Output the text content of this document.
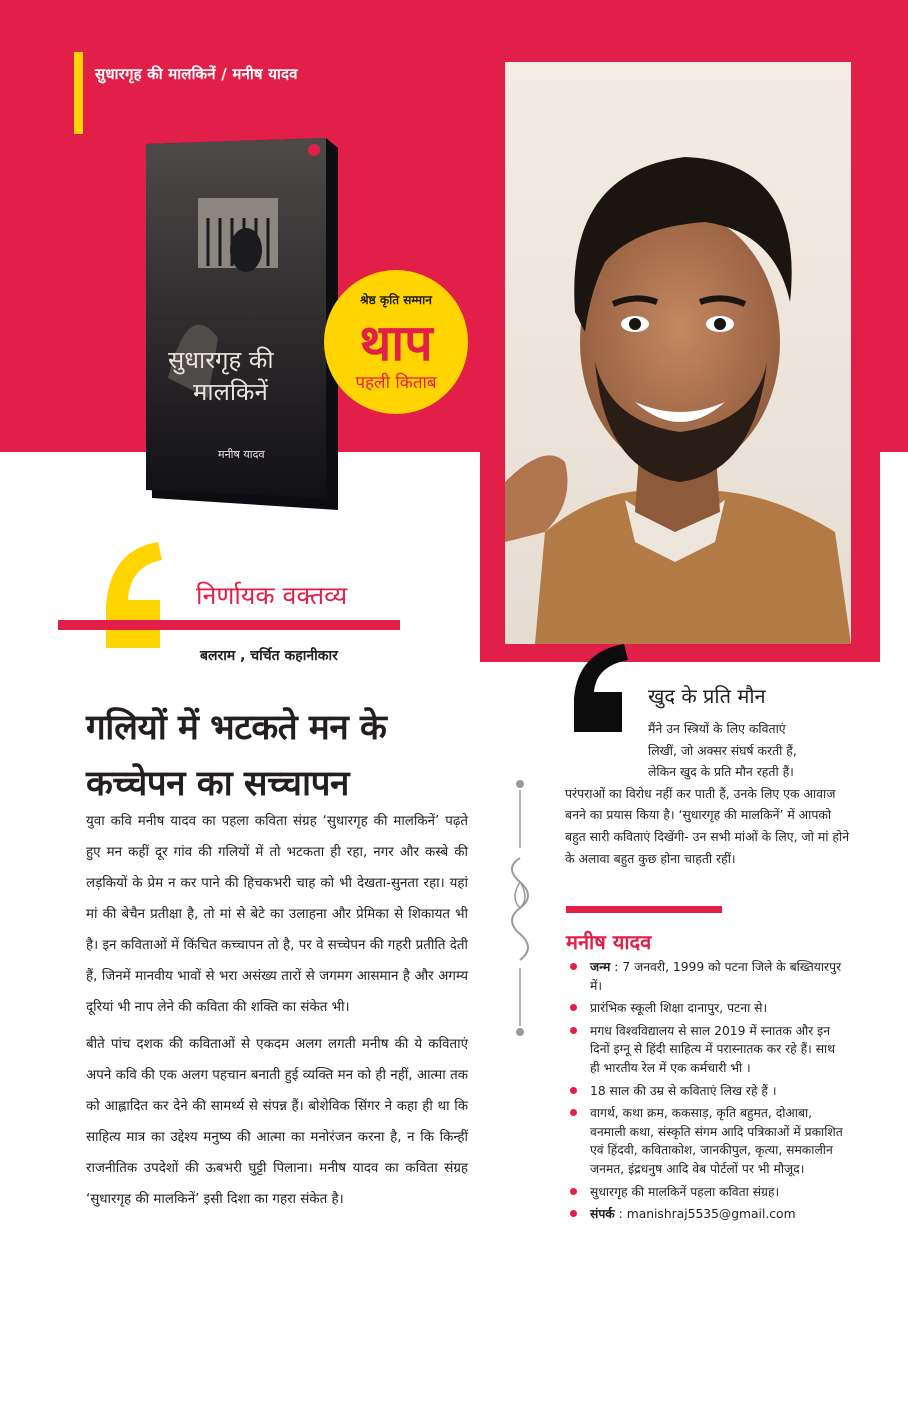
सुधारगृह की मालकिनें / मनीष यादव
सुधारगृह की
मालकिनें
मनीष यादव
श्रेष्ठ कृति सम्मान
थाप
पहली किताब
निर्णायक वक्तव्य
बलराम , चर्चित कहानीकार
गलियों में भटकते मन के
कच्चेपन का सच्चापन

युवा कवि मनीष यादव का पहला कविता संग्रह ‘सुधारगृह की मालकिनें’ पढ़ते हुए मन कहीं दूर गांव की गलियों में तो भटकता ही रहा, नगर और कस्बे की लड़कियों के प्रेम न कर पाने की हिचकभरी चाह को भी देखता-सुनता रहा। यहां मां की बेचैन प्रतीक्षा है, तो मां से बेटे का उलाहना और प्रेमिका से शिकायत भी है। इन कविताओं में किंचित कच्चापन तो है, पर वे सच्चेपन की गहरी प्रतीति देती हैं, जिनमें मानवीय भावों से भरा असंख्य तारों से जगमग आसमान है और अगम्य दूरियां भी नाप लेने की कविता की शक्ति का संकेत भी।

बीते पांच दशक की कविताओं से एकदम अलग लगती मनीष की ये कविताएं अपने कवि की एक अलग पहचान बनाती हुई व्यक्ति मन को ही नहीं, आत्मा तक को आह्लादित कर देने की सामर्थ्य से संपन्न हैं। बोशेविक सिंगर ने कहा ही था कि साहित्य मात्र का उद्देश्य मनुष्य की आत्मा का मनोरंजन करना है, न कि किन्हीं राजनीतिक उपदेशों की ऊबभरी घुट्टी पिलाना। मनीष यादव का कविता संग्रह ‘सुधारगृह की मालकिनें’ इसी दिशा का गहरा संकेत है।

खुद के प्रति मौन
मैंने उन स्त्रियों के लिए कविताएं
लिखीं, जो अक्सर संघर्ष करती हैं,
लेकिन खुद के प्रति मौन रहती हैं।
परंपराओं का विरोध नहीं कर पाती हैं, उनके लिए एक आवाज बनने का प्रयास किया है। ‘सुधारगृह की मालकिनें’ में आपको बहुत सारी कविताएं दिखेंगी- उन सभी मांओं के लिए, जो मां होने के अलावा बहुत कुछ होना चाहती रहीं।
मनीष यादव
जन्म : 7 जनवरी, 1999 को पटना जिले के बख्तियारपुर में।
प्रारंभिक स्कूली शिक्षा दानापुर, पटना से।
मगध विश्वविद्यालय से साल 2019 में स्नातक और इन दिनों इग्नू से हिंदी साहित्य में परास्नातक कर रहे हैं। साथ ही भारतीय रेल में एक कर्मचारी भी ।
18 साल की उम्र से कविताएं लिख रहे हैं ।
वागर्थ, कथा क्रम, ककसाड़, कृति बहुमत, दोआबा, वनमाली कथा, संस्कृति संगम आदि पत्रिकाओं में प्रकाशित एवं हिंदवी, कविताकोश, जानकीपुल, कृत्या, समकालीन जनमत, इंद्रधनुष आदि वेब पोर्टलों पर भी मौजूद।
सुधारगृह की मालकिनें पहला कविता संग्रह।
संपर्क : manishraj5535@gmail.com
